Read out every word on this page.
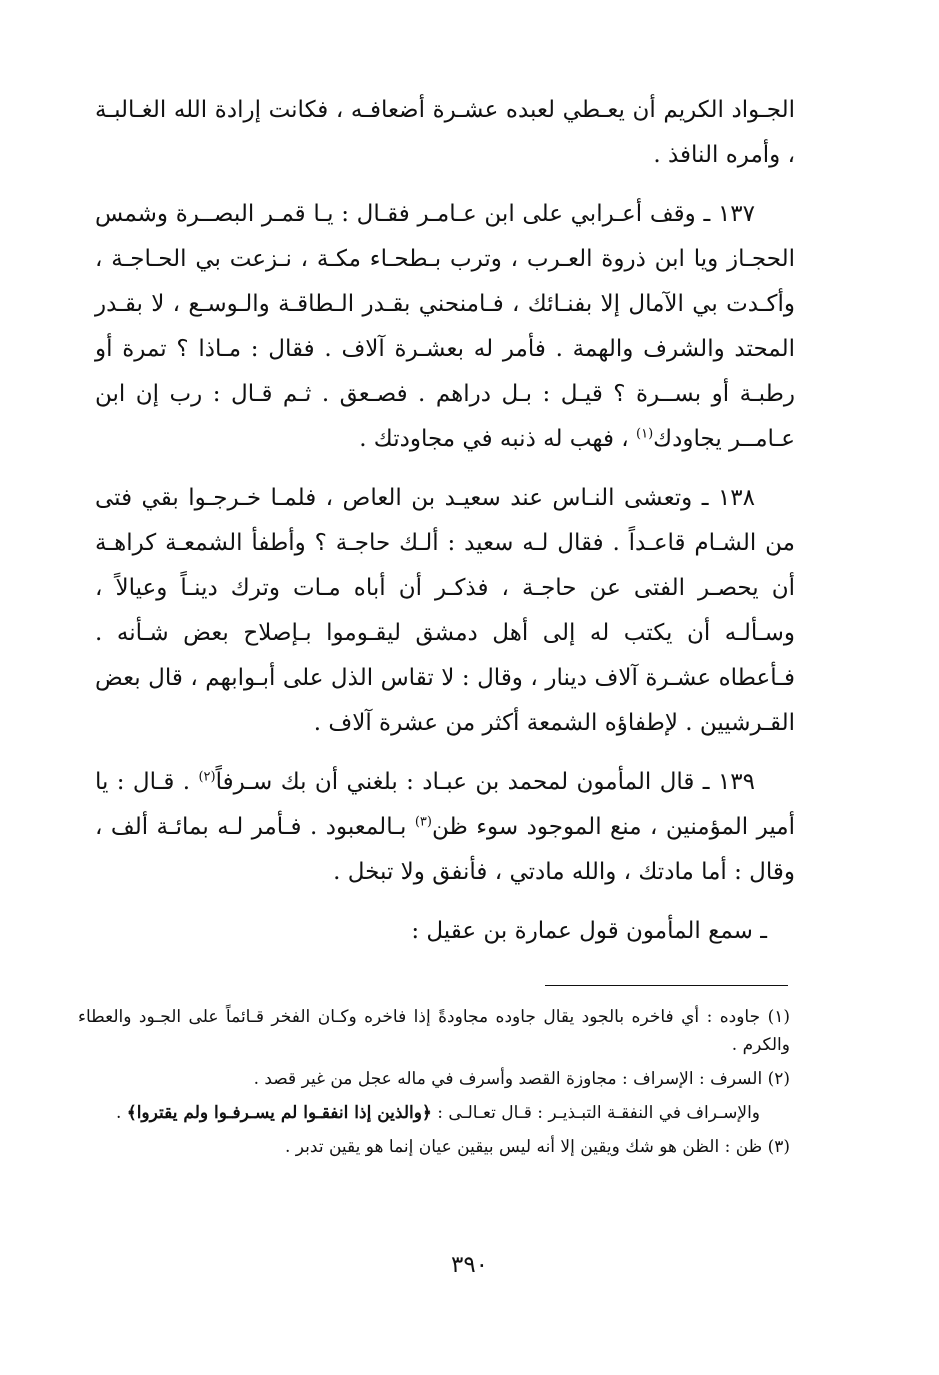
الجـواد الكريم أن يعـطي لعبده عشـرة أضعافـه ، فكانت إرادة الله الغـالبـة ، وأمره النافذ .

١٣٧ ـ وقف أعـرابي على ابن عـامـر فقـال : يـا قمـر البصــرة وشمس الحجـاز ويا ابن ذروة العـرب ، وترب بـطحـاء مكـة ، نـزعت بي الحـاجـة ، وأكـدت بي الآمال إلا بفنـائك ، فـامنحني بقـدر الـطاقـة والـوسـع ، لا بقـدر المحتد والشرف والهمة . فأمر له بعشـرة آلاف . فقال : مـاذا ؟ تمرة أو رطبـة أو بســرة ؟ قيـل : بـل دراهم . فصـعق . ثـم قـال : رب إن ابن عـامــر يجاودك$^{(١)}$ ، فهب له ذنبه في مجاودتك .

١٣٨ ـ وتعشى النـاس عند سعيـد بن العاص ، فلمـا خـرجـوا بقي فتى من الشـام قاعـداً . فقال لـه سعيد : ألـك حاجـة ؟ وأطفأ الشمعـة كراهـة أن يحصـر الفتى عن حاجـة ، فذكـر أن أباه مـات وترك دينـاً وعيالاً ، وسـألـه أن يكتب له إلى أهل دمشق ليقـوموا بـإصلاح بعض شـأنه . فـأعطاه عشـرة آلاف دينار ، وقال : لا تقاس الذل على أبـوابهم ، قال بعض القـرشيين . لإطفاؤه الشمعة أكثر من عشرة آلاف .

١٣٩ ـ قال المأمون لمحمد بن عبـاد : بلغني أن بك سـرفاً$^{(٢)}$ . قـال : يا أمير المؤمنين ، منع الموجود سوء ظن$^{(٣)}$ بـالمعبود . فـأمر لـه بمائـة ألف ، وقال : أما مادتك ، والله مادتي ، فأنفق ولا تبخل .

ـ سمع المأمون قول عمارة بن عقيل :

(١) جاوده : أي فاخره بالجود يقال جاوده مجاودةً إذا فاخره وكـان الفخر قـائماً على الجـود والعطاء والكرم .

(٢) السرف : الإسراف : مجاوزة القصد وأسرف في ماله عجل من غير قصد .

والإسـراف في النفقـة التبـذيـر : قـال تعـالـى : ﴿والذين إذا انفقـوا لم يسـرفـوا ولم يقتروا﴾ .

(٣) ظن : الظن هو شك ويقين إلا أنه ليس بيقين عيان إنما هو يقين تدبر .

٣٩٠
